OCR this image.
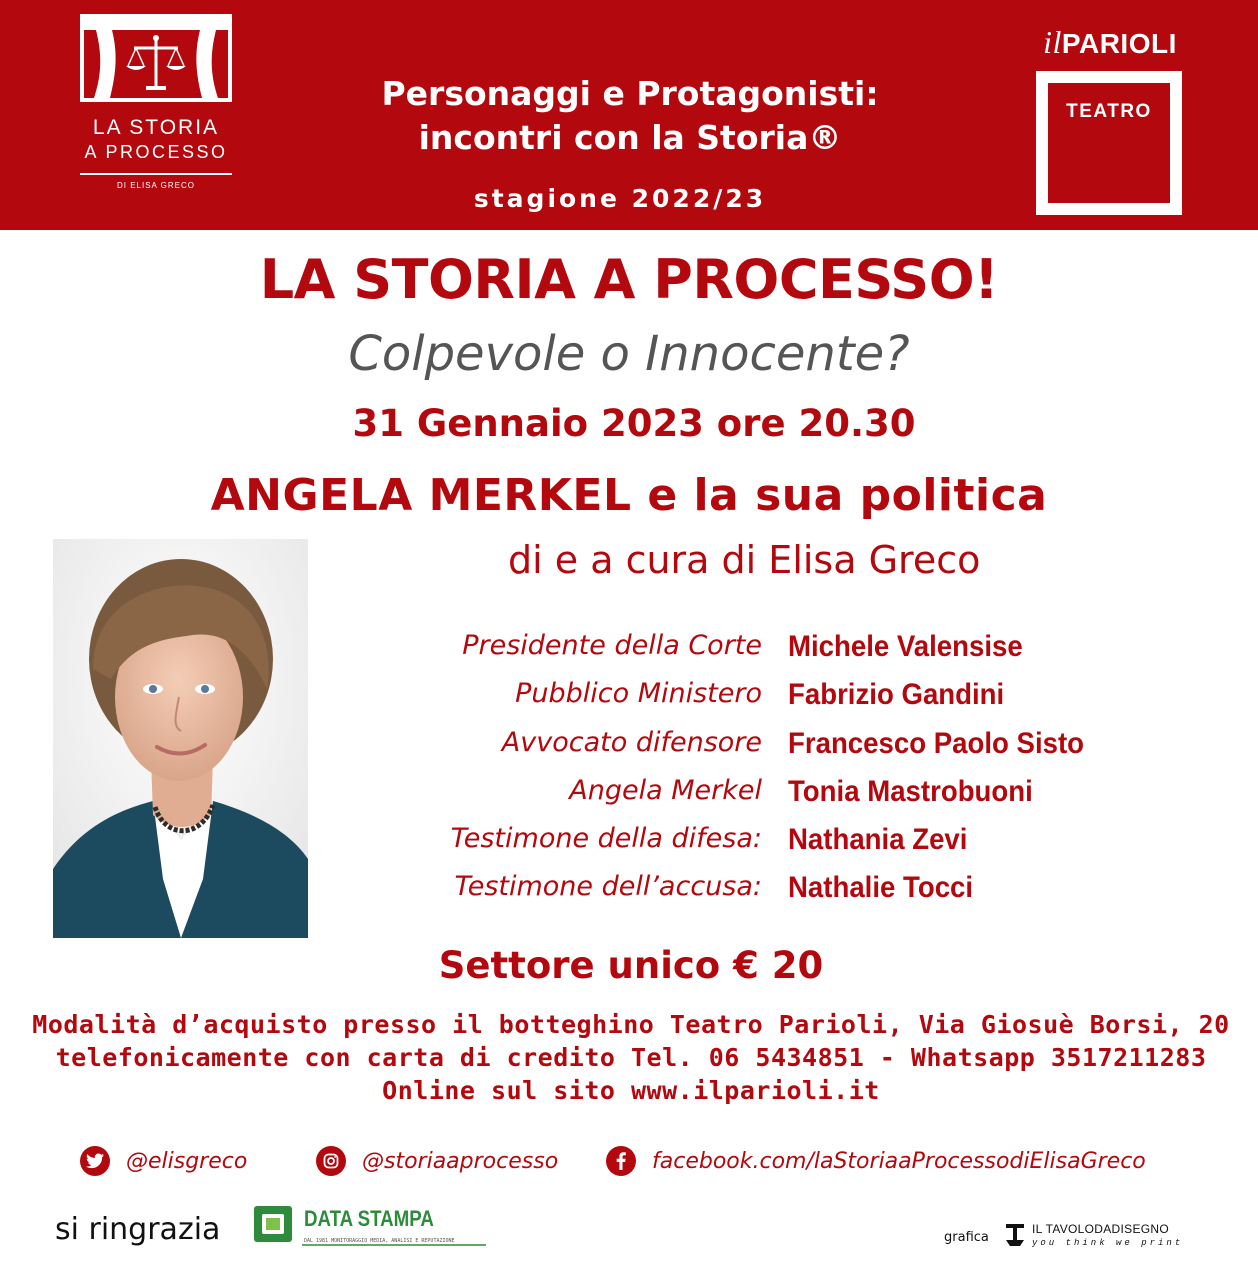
LA STORIA
A PROCESSO
DI ELISA GRECO
Personaggi e Protagonisti:
incontri con la Storia®
stagione 2022/23
ilPARIOLI
TEATRO
LA STORIA A PROCESSO!
Colpevole o Innocente?
31 Gennaio 2023 ore 20.30
ANGELA MERKEL e la sua politica
di e a cura di Elisa Greco
Presidente della Corte Michele Valensise
Pubblico Ministero Fabrizio Gandini
Avvocato difensore Francesco Paolo Sisto
Angela Merkel Tonia Mastrobuoni
Testimone della difesa: Nathania Zevi
Testimone dell’accusa: Nathalie Tocci
Settore unico € 20
Modalità d’acquisto presso il botteghino Teatro Parioli, Via Giosuè Borsi, 20
telefonicamente con carta di credito Tel. 06 5434851 - Whatsapp 3517211283
Online sul sito www.ilparioli.it
@elisgreco	@storiaaprocesso	facebook.com/laStoriaaProcessodiElisaGreco
si ringrazia	DATA STAMPA
DAL 1981 MONITORAGGIO MEDIA, ANALISI E REPUTAZIONE	grafica
IL TAVOLODADISEGNO
you think we print
